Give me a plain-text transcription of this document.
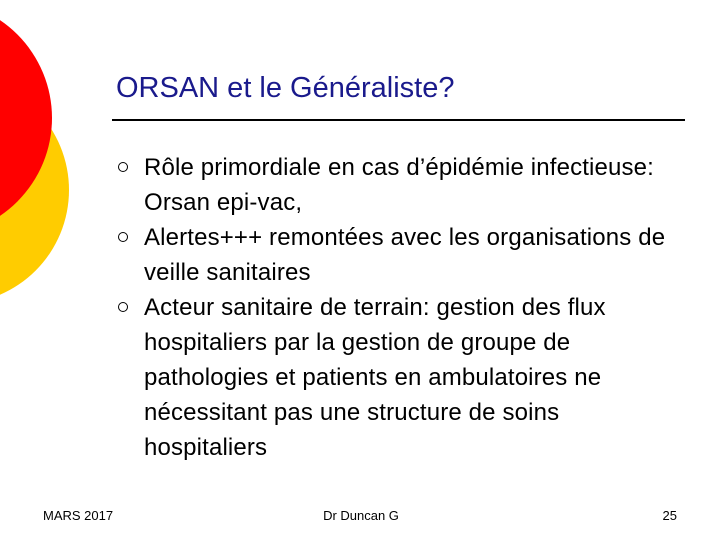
ORSAN et le Généraliste?
Rôle primordiale en cas d’épidémie infectieuse: Orsan epi-vac,
Alertes+++ remontées avec les organisations de veille sanitaires
Acteur sanitaire de terrain: gestion des flux hospitaliers par la gestion de groupe de pathologies et patients en ambulatoires ne nécessitant pas une structure de soins hospitaliers
MARS 2017	Dr Duncan G	25
